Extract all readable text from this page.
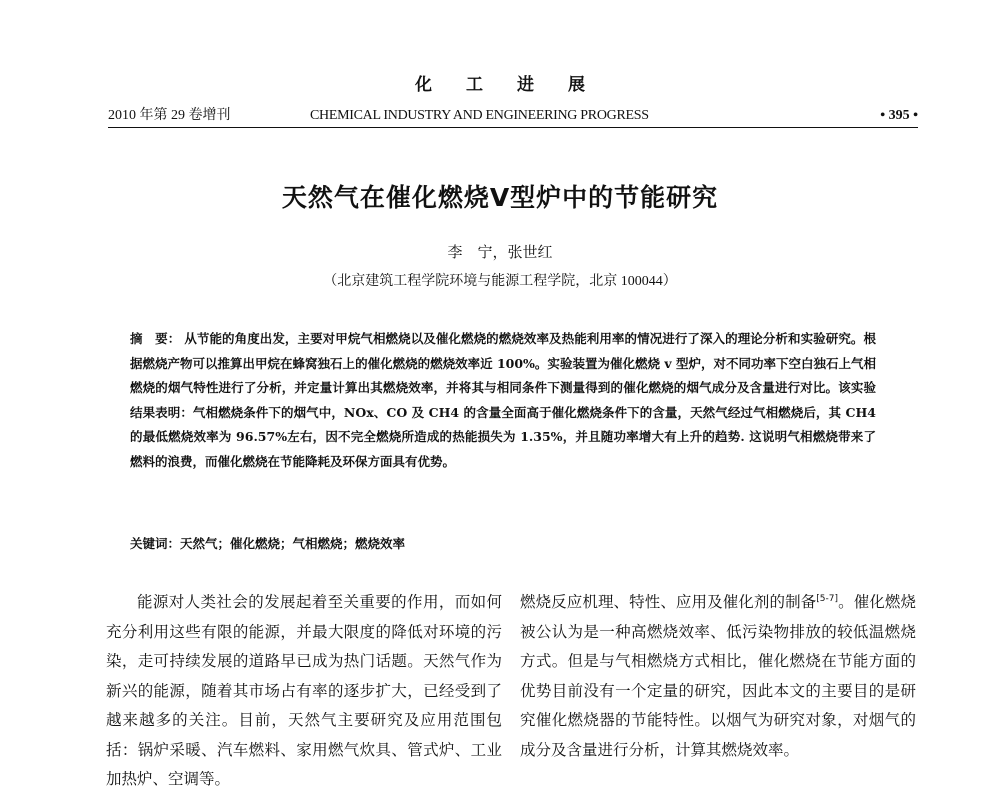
化工进展
2010 年第 29 卷增刊	CHEMICAL INDUSTRY AND ENGINEERING PROGRESS	• 395 •
天然气在催化燃烧V型炉中的节能研究
李　宁，张世红
（北京建筑工程学院环境与能源工程学院，北京 100044）
摘　要： 从节能的角度出发，主要对甲烷气相燃烧以及催化燃烧的燃烧效率及热能利用率的情况进行了深入的理论分析和实验研究。根据燃烧产物可以推算出甲烷在蜂窝独石上的催化燃烧的燃烧效率近 100%。实验装置为催化燃烧 v 型炉，对不同功率下空白独石上气相燃烧的烟气特性进行了分析，并定量计算出其燃烧效率，并将其与相同条件下测量得到的催化燃烧的烟气成分及含量进行对比。该实验结果表明：气相燃烧条件下的烟气中，NOx、CO 及 CH4 的含量全面高于催化燃烧条件下的含量，天然气经过气相燃烧后，其 CH4 的最低燃烧效率为 96.57%左右，因不完全燃烧所造成的热能损失为 1.35%，并且随功率增大有上升的趋势. 这说明气相燃烧带来了燃料的浪费，而催化燃烧在节能降耗及环保方面具有优势。
关键词：天然气；催化燃烧；气相燃烧；燃烧效率
能源对人类社会的发展起着至关重要的作用，而如何充分利用这些有限的能源，并最大限度的降低对环境的污染，走可持续发展的道路早已成为热门话题。天然气作为新兴的能源，随着其市场占有率的逐步扩大，已经受到了越来越多的关注。目前，天然气主要研究及应用范围包括：锅炉采暖、汽车燃料、家用燃气炊具、管式炉、工业加热炉、空调等。
燃烧反应机理、特性、应用及催化剂的制备[5-7]。催化燃烧被公认为是一种高燃烧效率、低污染物排放的较低温燃烧方式。但是与气相燃烧方式相比，催化燃烧在节能方面的优势目前没有一个定量的研究，因此本文的主要目的是研究催化燃烧器的节能特性。以烟气为研究对象，对烟气的成分及含量进行分析，计算其燃烧效率。
